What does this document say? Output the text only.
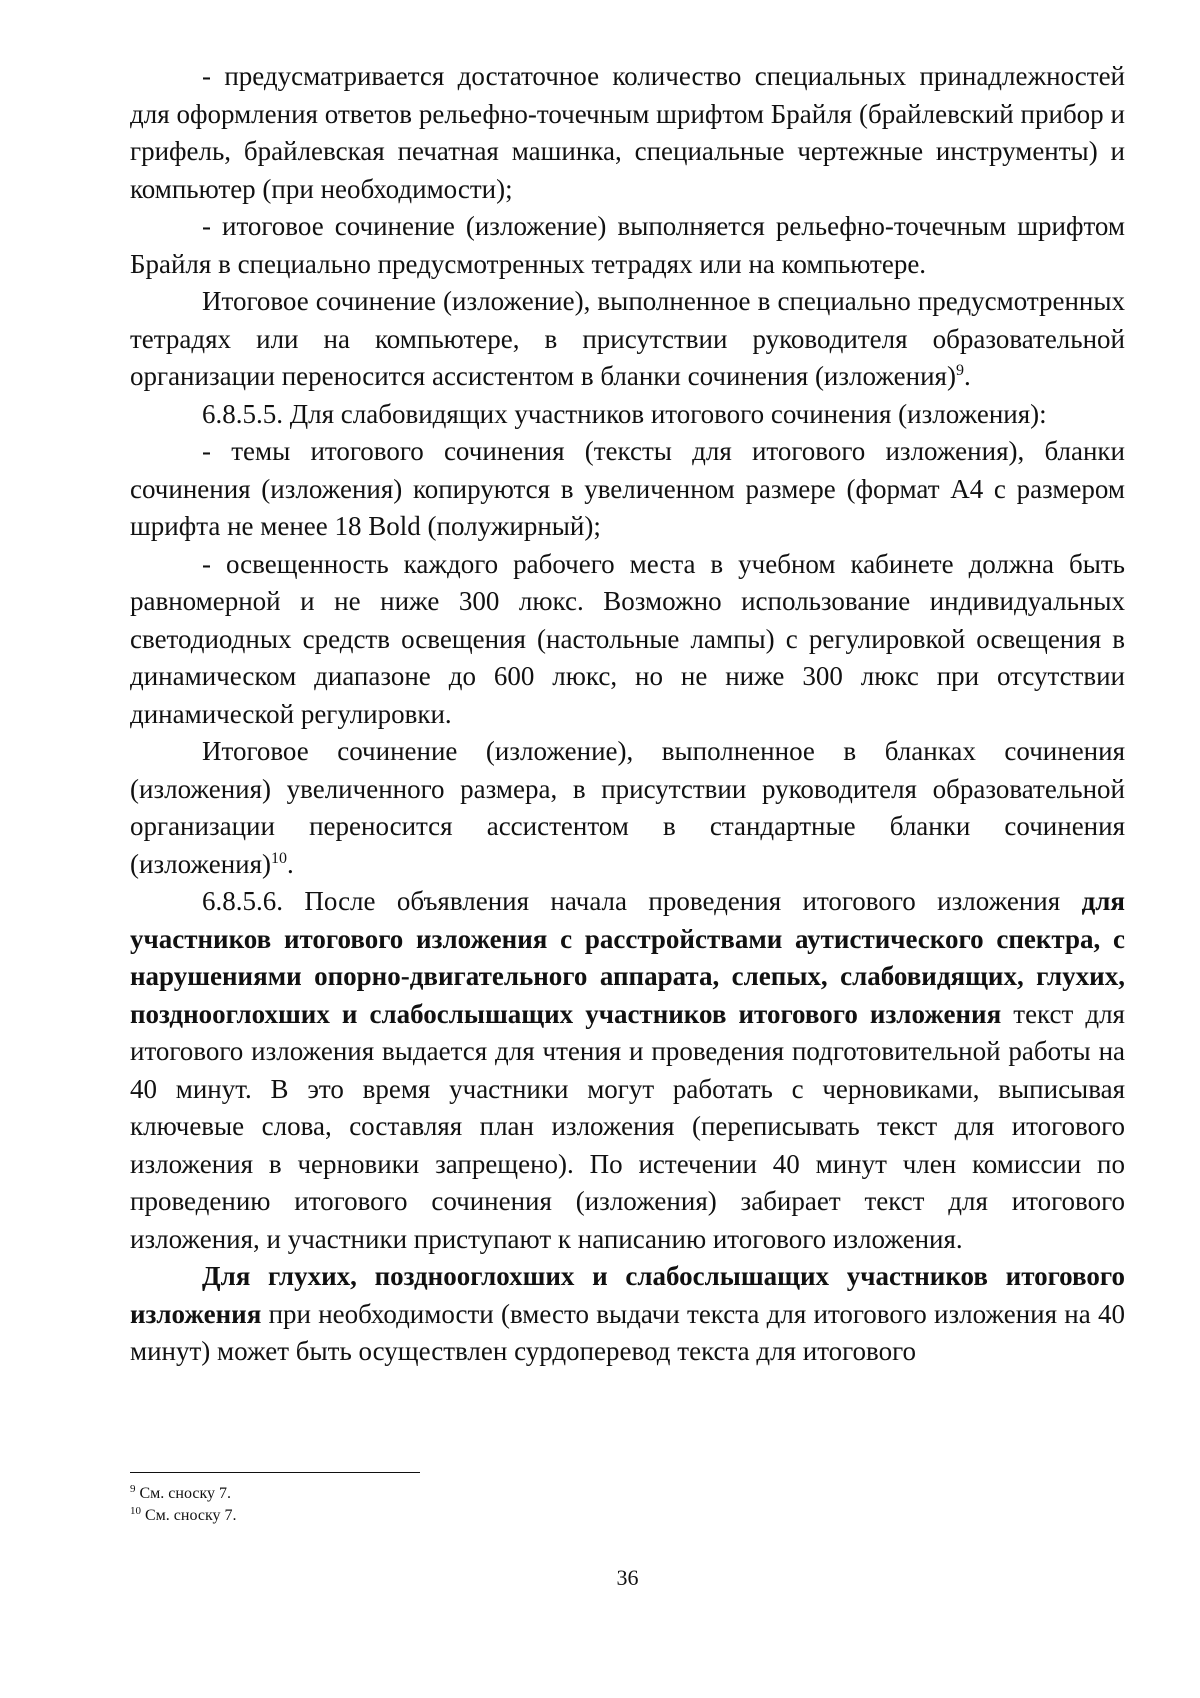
- предусматривается достаточное количество специальных принадлежностей для оформления ответов рельефно-точечным шрифтом Брайля (брайлевский прибор и грифель, брайлевская печатная машинка, специальные чертежные инструменты) и компьютер (при необходимости);

- итоговое сочинение (изложение) выполняется рельефно-точечным шрифтом Брайля в специально предусмотренных тетрадях или на компьютере.

Итоговое сочинение (изложение), выполненное в специально предусмотренных тетрадях или на компьютере, в присутствии руководителя образовательной организации переносится ассистентом в бланки сочинения (изложения)$^9$.

6.8.5.5. Для слабовидящих участников итогового сочинения (изложения):

- темы итогового сочинения (тексты для итогового изложения), бланки сочинения (изложения) копируются в увеличенном размере (формат А4 с размером шрифта не менее 18 Bold (полужирный);

- освещенность каждого рабочего места в учебном кабинете должна быть равномерной и не ниже 300 люкс. Возможно использование индивидуальных светодиодных средств освещения (настольные лампы) с регулировкой освещения в динамическом диапазоне до 600 люкс, но не ниже 300 люкс при отсутствии динамической регулировки.

Итоговое сочинение (изложение), выполненное в бланках сочинения (изложения) увеличенного размера, в присутствии руководителя образовательной организации переносится ассистентом в стандартные бланки сочинения (изложения)$^{10}$.

6.8.5.6. После объявления начала проведения итогового изложения для участников итогового изложения с расстройствами аутистического спектра, с нарушениями опорно-двигательного аппарата, слепых, слабовидящих, глухих, позднооглохших и слабослышащих участников итогового изложения текст для итогового изложения выдается для чтения и проведения подготовительной работы на 40 минут. В это время участники могут работать с черновиками, выписывая ключевые слова, составляя план изложения (переписывать текст для итогового изложения в черновики запрещено). По истечении 40 минут член комиссии по проведению итогового сочинения (изложения) забирает текст для итогового изложения, и участники приступают к написанию итогового изложения.

Для глухих, позднооглохших и слабослышащих участников итогового изложения при необходимости (вместо выдачи текста для итогового изложения на 40 минут) может быть осуществлен сурдоперевод текста для итогового

$^9$ См. сноску 7.

$^{10}$ См. сноску 7.

36
